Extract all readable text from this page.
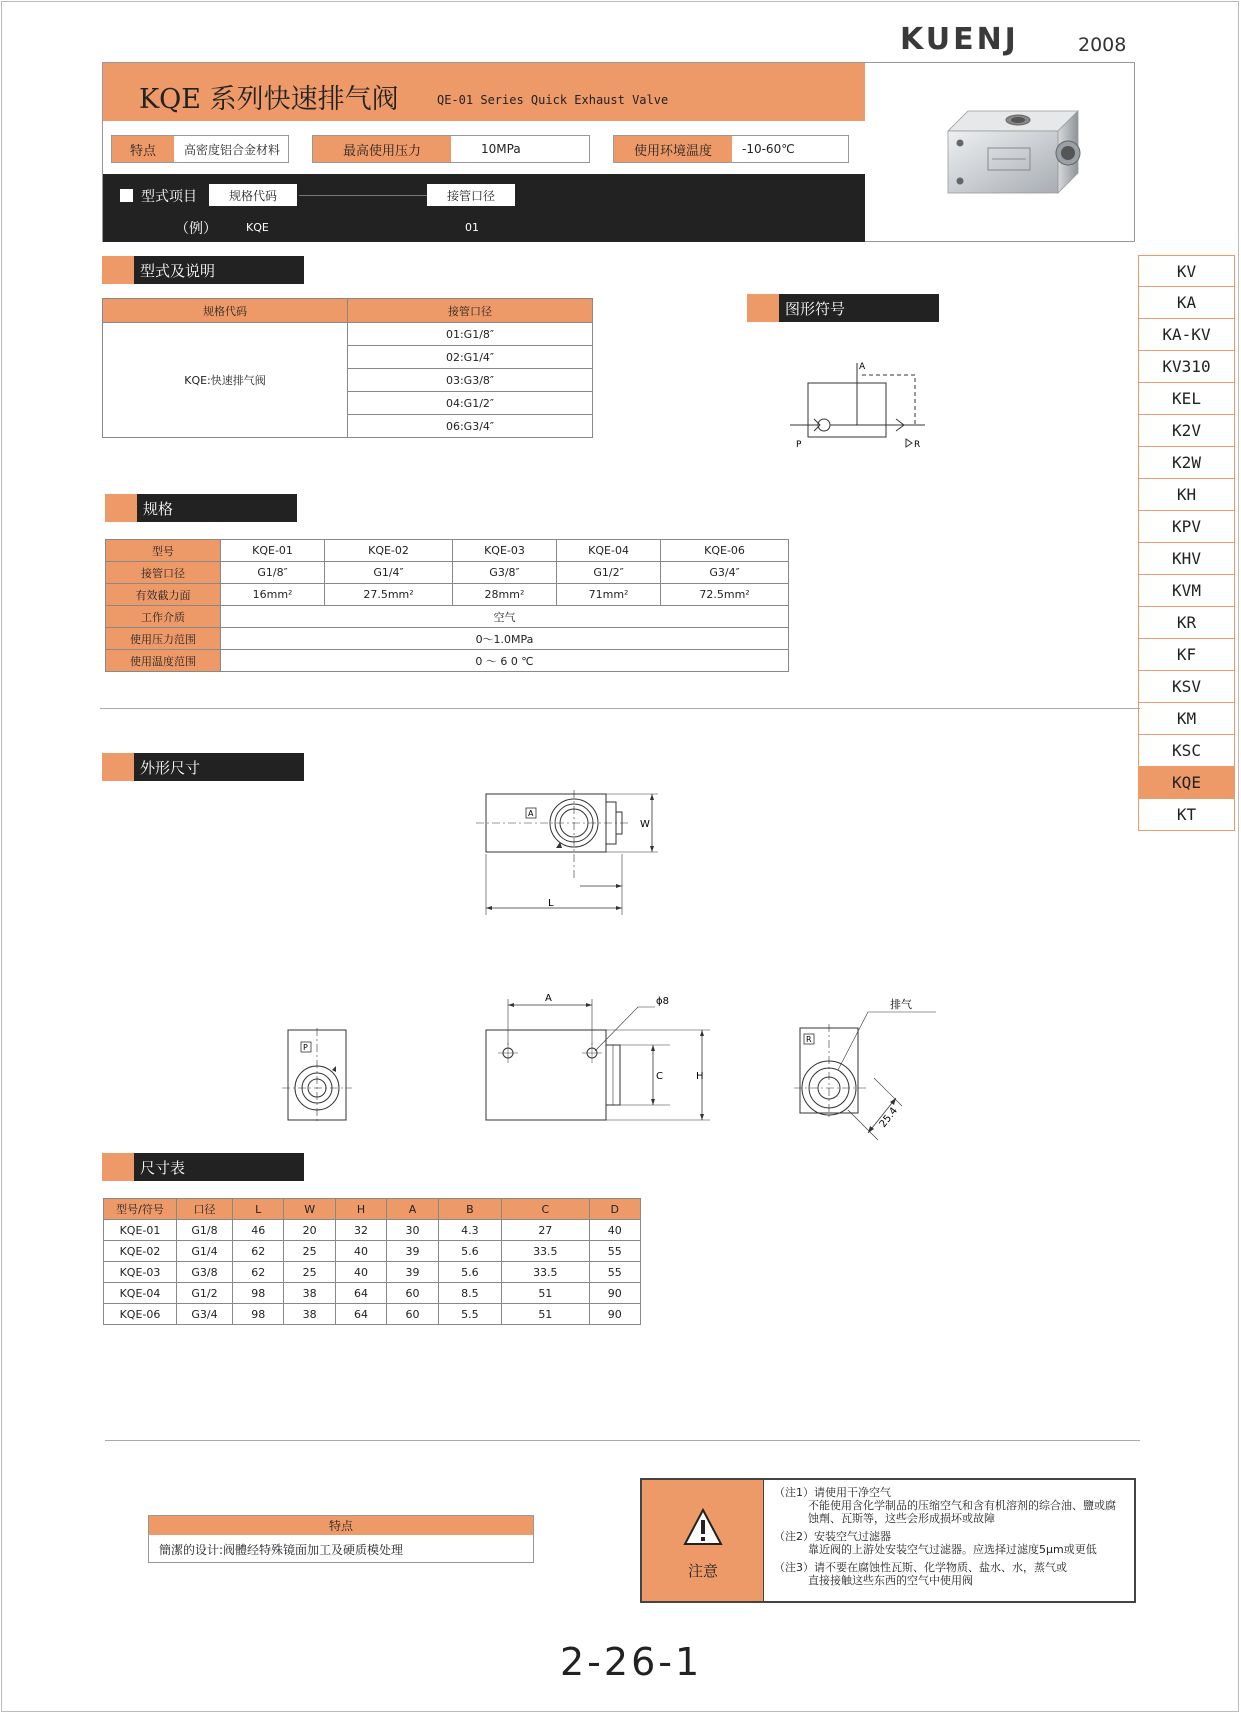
KUENJ	2008
KQE 系列快速排气阀	QE-01 Series Quick Exhaust Valve
特点	高密度铝合金材料	最高使用压力	10MPa	使用环境温度	-10-60℃
型式项目	规格代码	接管口径
（例）	KQE	01
KV
KA
KA-KV
KV310
KEL
K2V
K2W
KH
KPV
KHV
KVM
KR
KF
KSV
KM
KSC
KQE
KT
型式及说明
规格代码	接管口径
KQE:快速排气阀	01:G1/8″
	02:G1/4″
	03:G3/8″
	04:G1/2″
	06:G3/4″
图形符号
A
P	R
规格
型号	KQE-01	KQE-02	KQE-03	KQE-04	KQE-06
接管口径	G1/8″	G1/4″	G3/8″	G1/2″	G3/4″
有效截力面	16mm²	27.5mm²	28mm²	71mm²	72.5mm²
工作介质	空气				
使用压力范围	0～1.0MPa				
使用温度范围	0 ～ 6 0 ℃				
外形尺寸
A
W
L
P
A	ϕ8
C	H
R
排气
25.4
尺寸表
型号/符号	口径	L	W	H	A	B	C	D
KQE-01	G1/8	46	20	32	30	4.3	27	40
KQE-02	G1/4	62	25	40	39	5.6	33.5	55
KQE-03	G3/8	62	25	40	39	5.6	33.5	55
KQE-04	G1/2	98	38	64	60	8.5	51	90
KQE-06	G3/4	98	38	64	60	5.5	51	90
特点
簡潔的设计:阀體经特殊镜面加工及硬质模处理
注意
（注1）请使用干净空气
不能使用含化学制品的压缩空气和含有机溶剂的综合油、鹽或腐蚀劑、瓦斯等，这些会形成损坏或故障
（注2）安装空气过滤器
靠近阀的上游处安装空气过滤器。应选择过滤度5μm或更低
（注3）请不要在腐蚀性瓦斯、化学物质、盐水、水，蒸气或
直接接触这些东西的空气中使用阀
2-26-1
